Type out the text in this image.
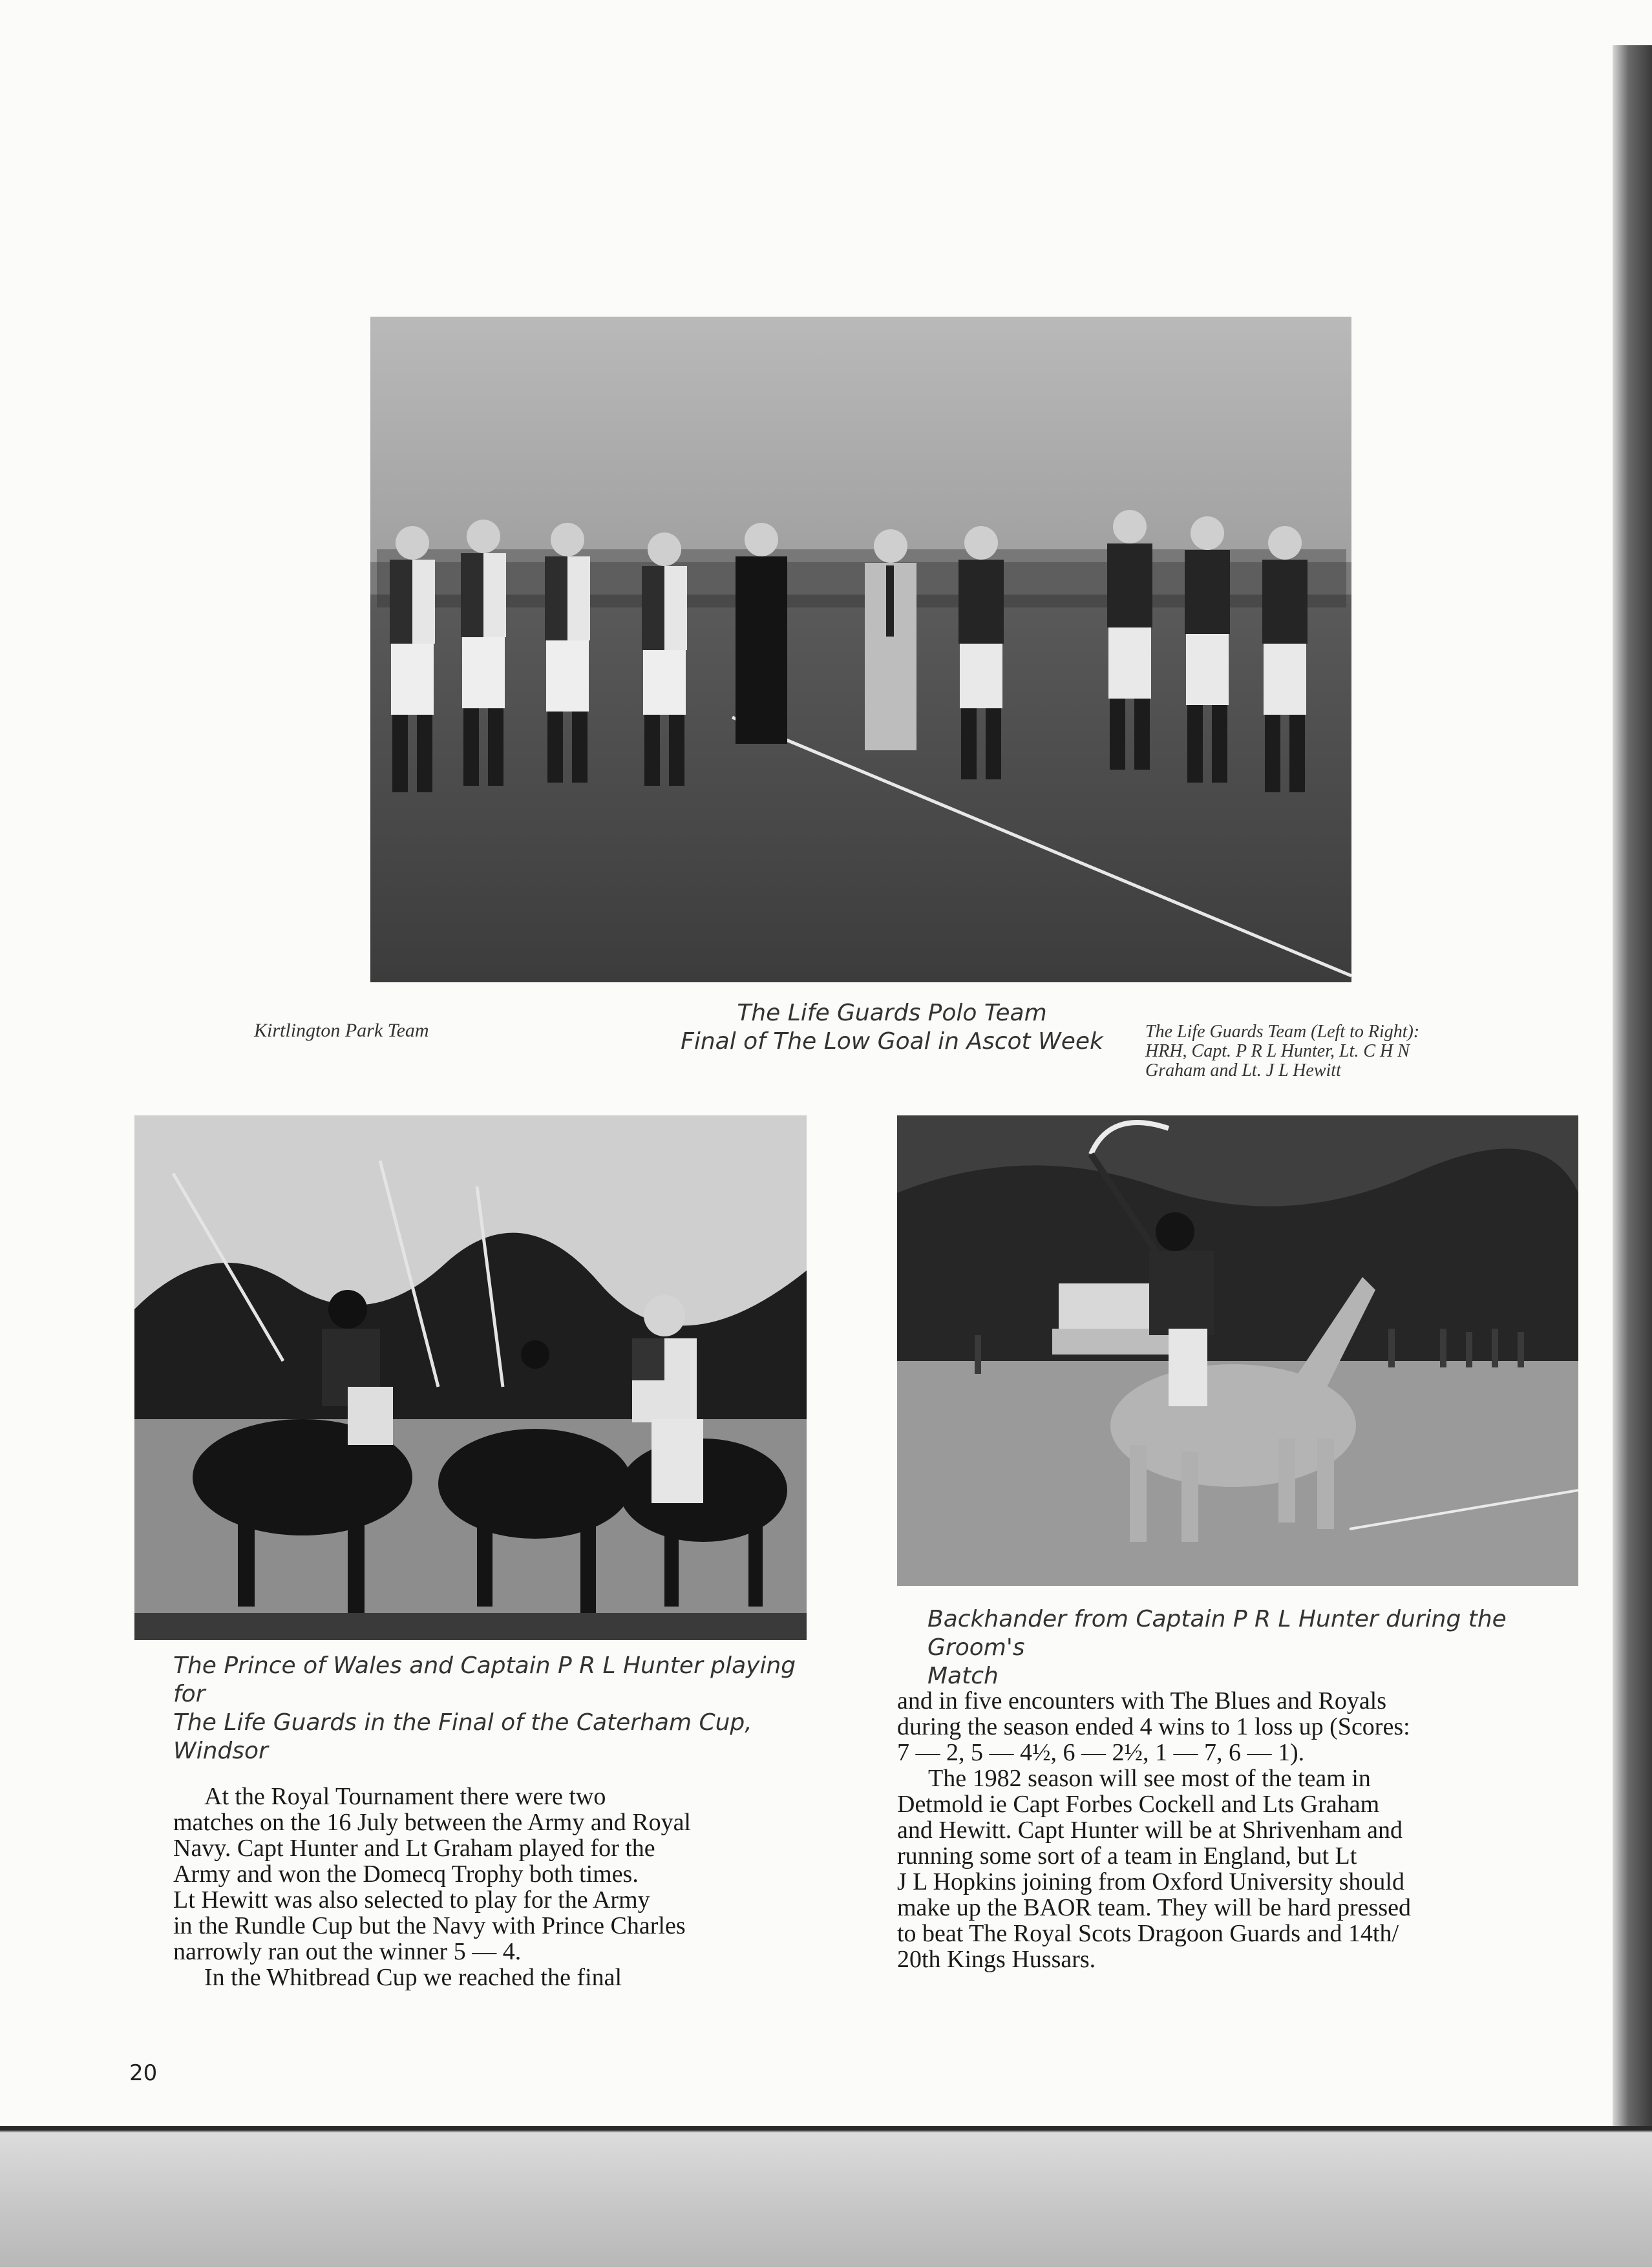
Kirtlington Park Team
The Life Guards Polo Team
Final of The Low Goal in Ascot Week	The Life Guards Team (Left to Right):
HRH, Capt. P R L Hunter, Lt. C H N
Graham and Lt. J L Hewitt
Backhander from Captain P R L Hunter during the Groom's
Match
The Prince of Wales and Captain P R L Hunter playing for
The Life Guards in the Final of the Caterham Cup, Windsor

At the Royal Tournament there were two
matches on the 16 July between the Army and Royal
Navy. Capt Hunter and Lt Graham played for the
Army and won the Domecq Trophy both times.
Lt Hewitt was also selected to play for the Army
in the Rundle Cup but the Navy with Prince Charles
narrowly ran out the winner 5 — 4.

In the Whitbread Cup we reached the final

and in five encounters with The Blues and Royals
during the season ended 4 wins to 1 loss up (Scores:
7 — 2, 5 — 4½, 6 — 2½, 1 — 7, 6 — 1).

The 1982 season will see most of the team in
Detmold ie Capt Forbes Cockell and Lts Graham
and Hewitt. Capt Hunter will be at Shrivenham and
running some sort of a team in England, but Lt
J L Hopkins joining from Oxford University should
make up the BAOR team. They will be hard pressed
to beat The Royal Scots Dragoon Guards and 14th/
20th Kings Hussars.

20
